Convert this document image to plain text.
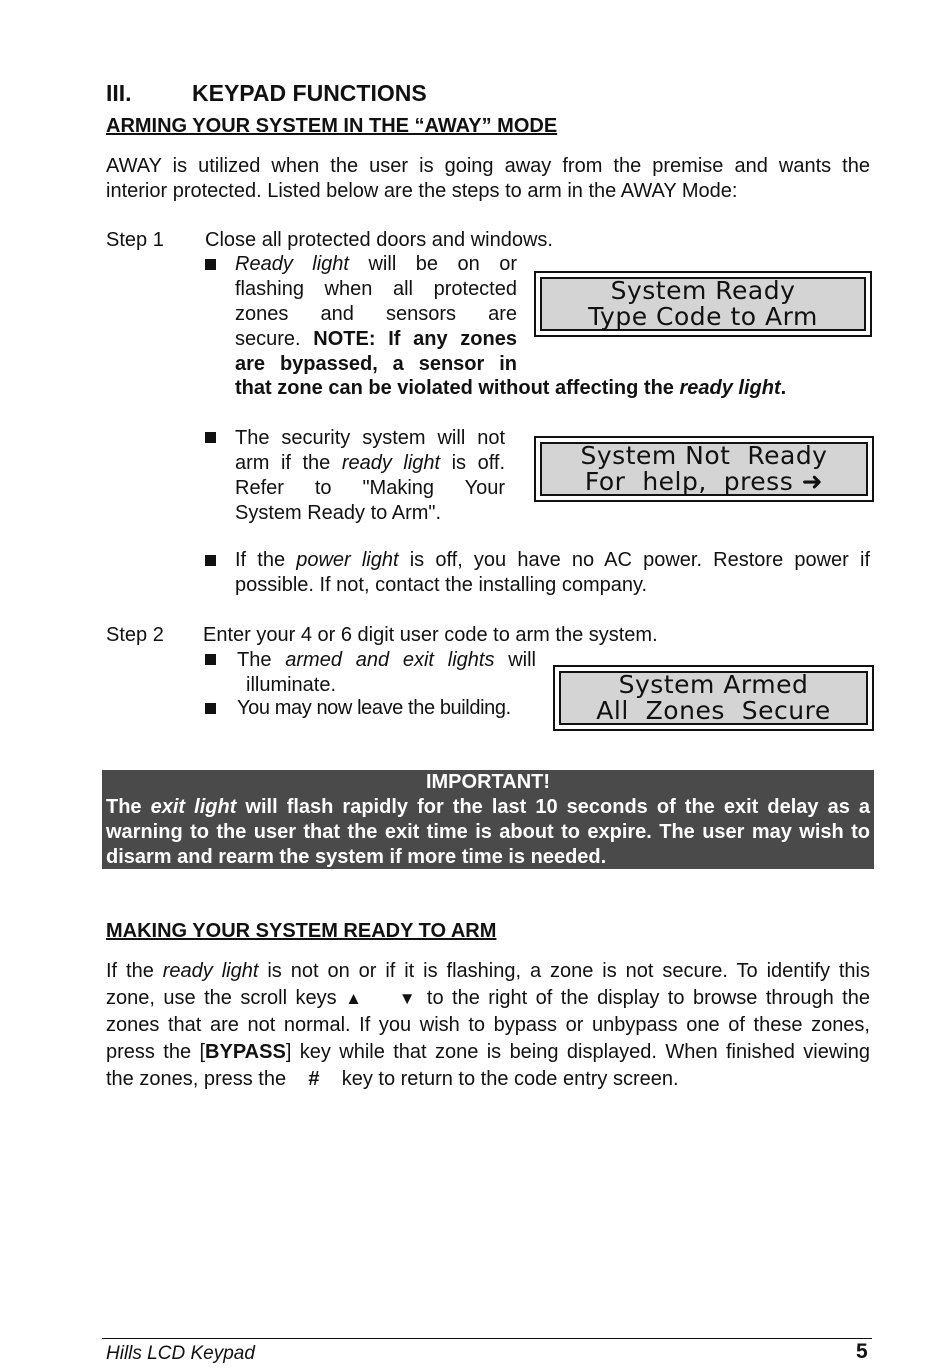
III.	KEYPAD FUNCTIONS
ARMING YOUR SYSTEM IN THE “AWAY” MODE
AWAY is utilized when the user is going away from the premise and wants the
interior protected. Listed below are the steps to arm in the AWAY Mode:
Step 1 Close all protected doors and windows.
Ready light will be on or
flashing when all protected
zones and sensors are
secure. NOTE: If any zones
are bypassed, a sensor in
that zone can be violated without affecting the ready light.
System Ready
Type Code to Arm
The security system will not
arm if the ready light is off.
Refer to "Making Your
System Ready to Arm".
System Not  Ready
For  help,  press ➜
If the power light is off, you have no AC power. Restore power if
possible. If not, contact the installing company.
Step 2 Enter your 4 or 6 digit user code to arm the system.
The armed and exit lights will
illuminate.
You may now leave the building.
System Armed
All  Zones  Secure
IMPORTANT!
The exit light will flash rapidly for the last 10 seconds of the exit delay as a
warning to the user that the exit time is about to expire. The user may wish to
disarm and rearm the system if more time is needed.
MAKING YOUR SYSTEM READY TO ARM
If the ready light is not on or if it is flashing, a zone is not secure. To identify this
zone, use the scroll keys ▲ ▼ to the right of the display to browse through the
zones that are not normal. If you wish to bypass or unbypass one of these zones,
press the [BYPASS] key while that zone is being displayed. When finished viewing
the zones, press the    # key to return to the code entry screen.
Hills LCD Keypad	5
